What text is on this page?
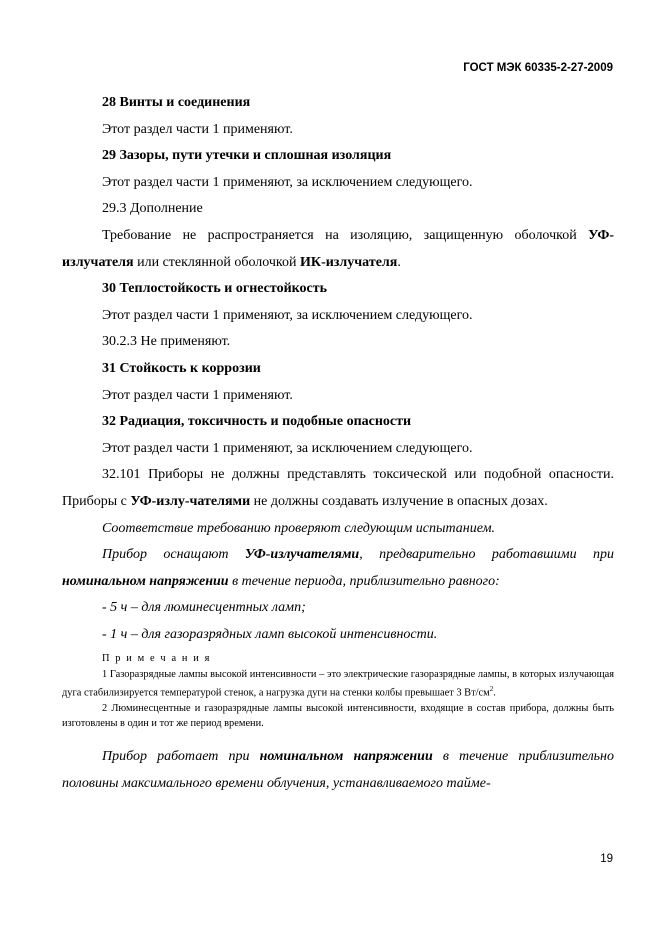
ГОСТ МЭК 60335-2-27-2009

28 Винты и соединения

Этот раздел части 1 применяют.

29 Зазоры, пути утечки и сплошная изоляция

Этот раздел части 1 применяют, за исключением следующего.

29.3 Дополнение

Требование не распространяется на изоляцию, защищенную оболочкой УФ-излучателя или стеклянной оболочкой ИК-излучателя.

30 Теплостойкость и огнестойкость

Этот раздел части 1 применяют, за исключением следующего.

30.2.3 Не применяют.

31 Стойкость к коррозии

Этот раздел части 1 применяют.

32 Радиация, токсичность и подобные опасности

Этот раздел части 1 применяют, за исключением следующего.

32.101 Приборы не должны представлять токсической или подобной опасности. Приборы с УФ-излу-чателями не должны создавать излучение в опасных дозах.

Соответствие требованию проверяют следующим испытанием.

Прибор оснащают УФ-излучателями, предварительно работавшими при номинальном напряжении в течение периода, приблизительно равного:

- 5 ч – для люминесцентных ламп;

- 1 ч – для газоразрядных ламп высокой интенсивности.

П р и м е ч а н и я

1 Газоразрядные лампы высокой интенсивности – это электрические газоразрядные лампы, в которых излучающая дуга стабилизируется температурой стенок, а нагрузка дуги на стенки колбы превышает 3 $Вт/см^2$.

2 Люминесцентные и газоразрядные лампы высокой интенсивности, входящие в состав прибора, должны быть изготовлены в один и тот же период времени.

Прибор работает при номинальном напряжении в течение приблизительно половины максимального времени облучения, устанавливаемого тайме-

19
